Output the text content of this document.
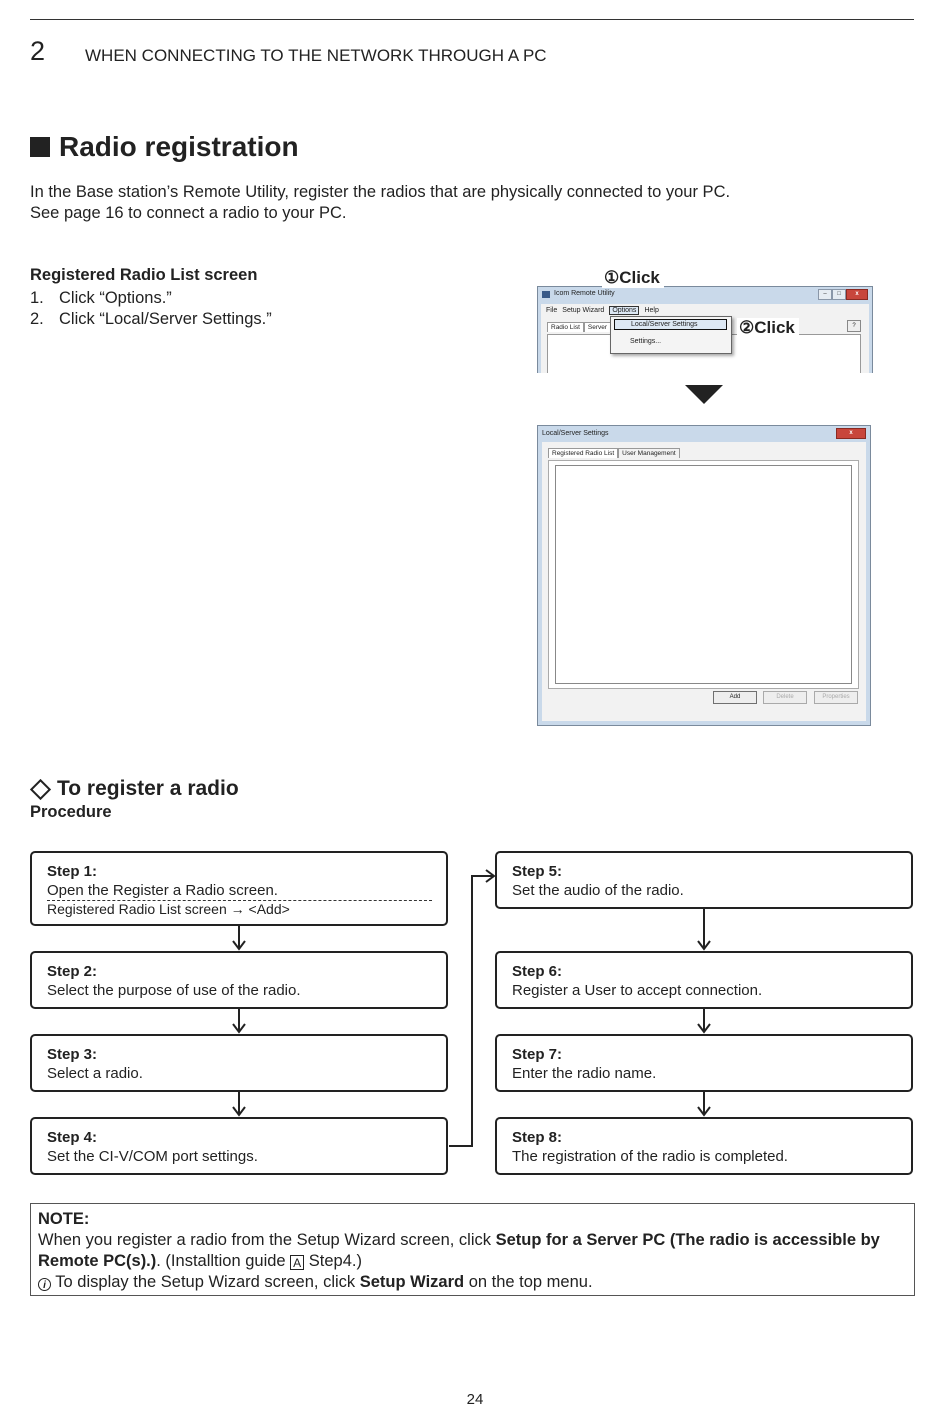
2 WHEN CONNECTING TO THE NETWORK THROUGH A PC
Radio registration
In the Base station’s Remote Utility, register the radios that are physically connected to your PC.
See page 16 to connect a radio to your PC.
Registered Radio List screen
1. Click “Options.”
2. Click “Local/Server Settings.”
Icom Remote Utility	–	□	x
File Setup Wizard	Options	Help
Radio List	Server	?
Local/Server Settings
Settings...
①Click
②Click
Local/Server Settings	x
Registered Radio List	User Management
Add	Delete	Properties
To register a radio
Procedure
Step 1:
Open the Register a Radio screen.
Registered Radio List screen → <Add>
Step 2:
Select the purpose of use of the radio.
Step 3:
Select a radio.
Step 4:
Set the CI-V/COM port settings.
Step 5:
Set the audio of the radio.
Step 6:
Register a User to accept connection.
Step 7:
Enter the radio name.
Step 8:
The registration of the radio is completed.
NOTE:
When you register a radio from the Setup Wizard screen, click Setup for a Server PC (The radio is accessible by Remote PC(s).). (Installtion guide A Step4.)
i To display the Setup Wizard screen, click Setup Wizard on the top menu.
24
